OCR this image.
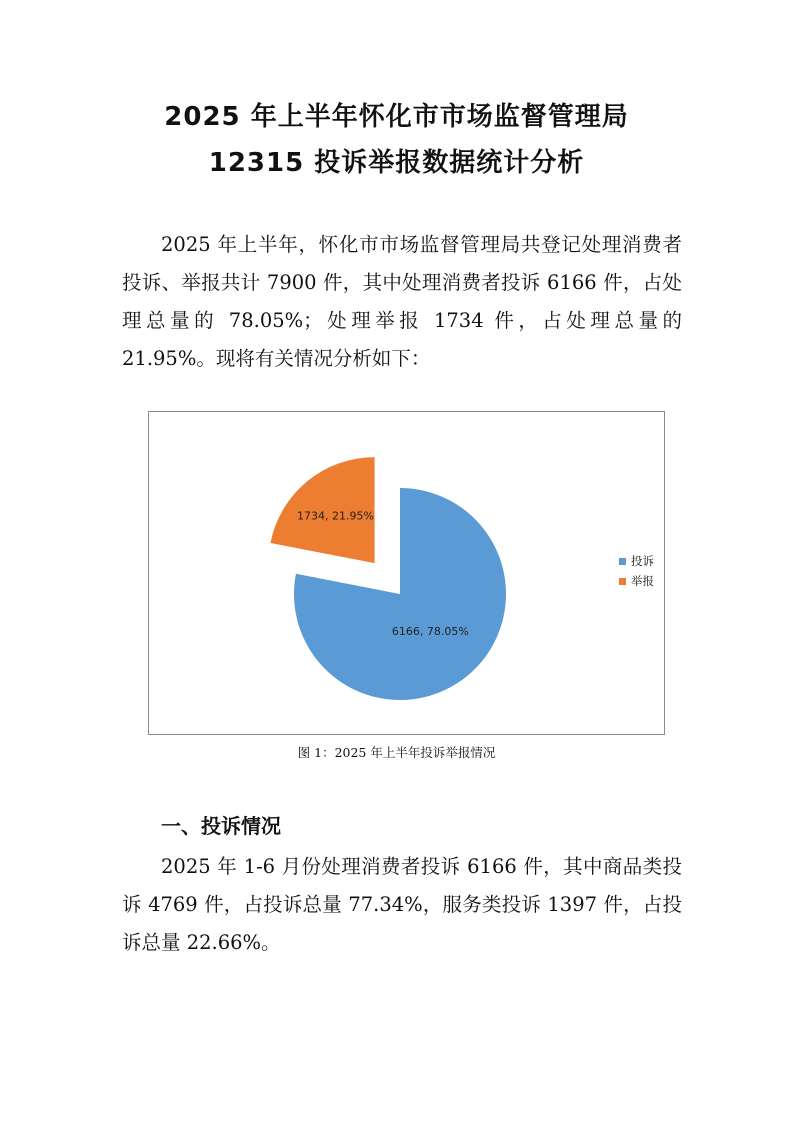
2025 年上半年怀化市市场监督管理局
12315 投诉举报数据统计分析

2025 年上半年，怀化市市场监督管理局共登记处理消费者投诉、举报共计 7900 件，其中处理消费者投诉 6166 件，占处理总量的 78.05%；处理举报 1734 件，占处理总量的 21.95%。现将有关情况分析如下：

6166, 78.05%
1734, 21.95%
投诉
举报
图 1：2025 年上半年投诉举报情况
一、投诉情况

2025 年 1-6 月份处理消费者投诉 6166 件，其中商品类投诉 4769 件，占投诉总量 77.34%，服务类投诉 1397 件，占投诉总量 22.66%。
